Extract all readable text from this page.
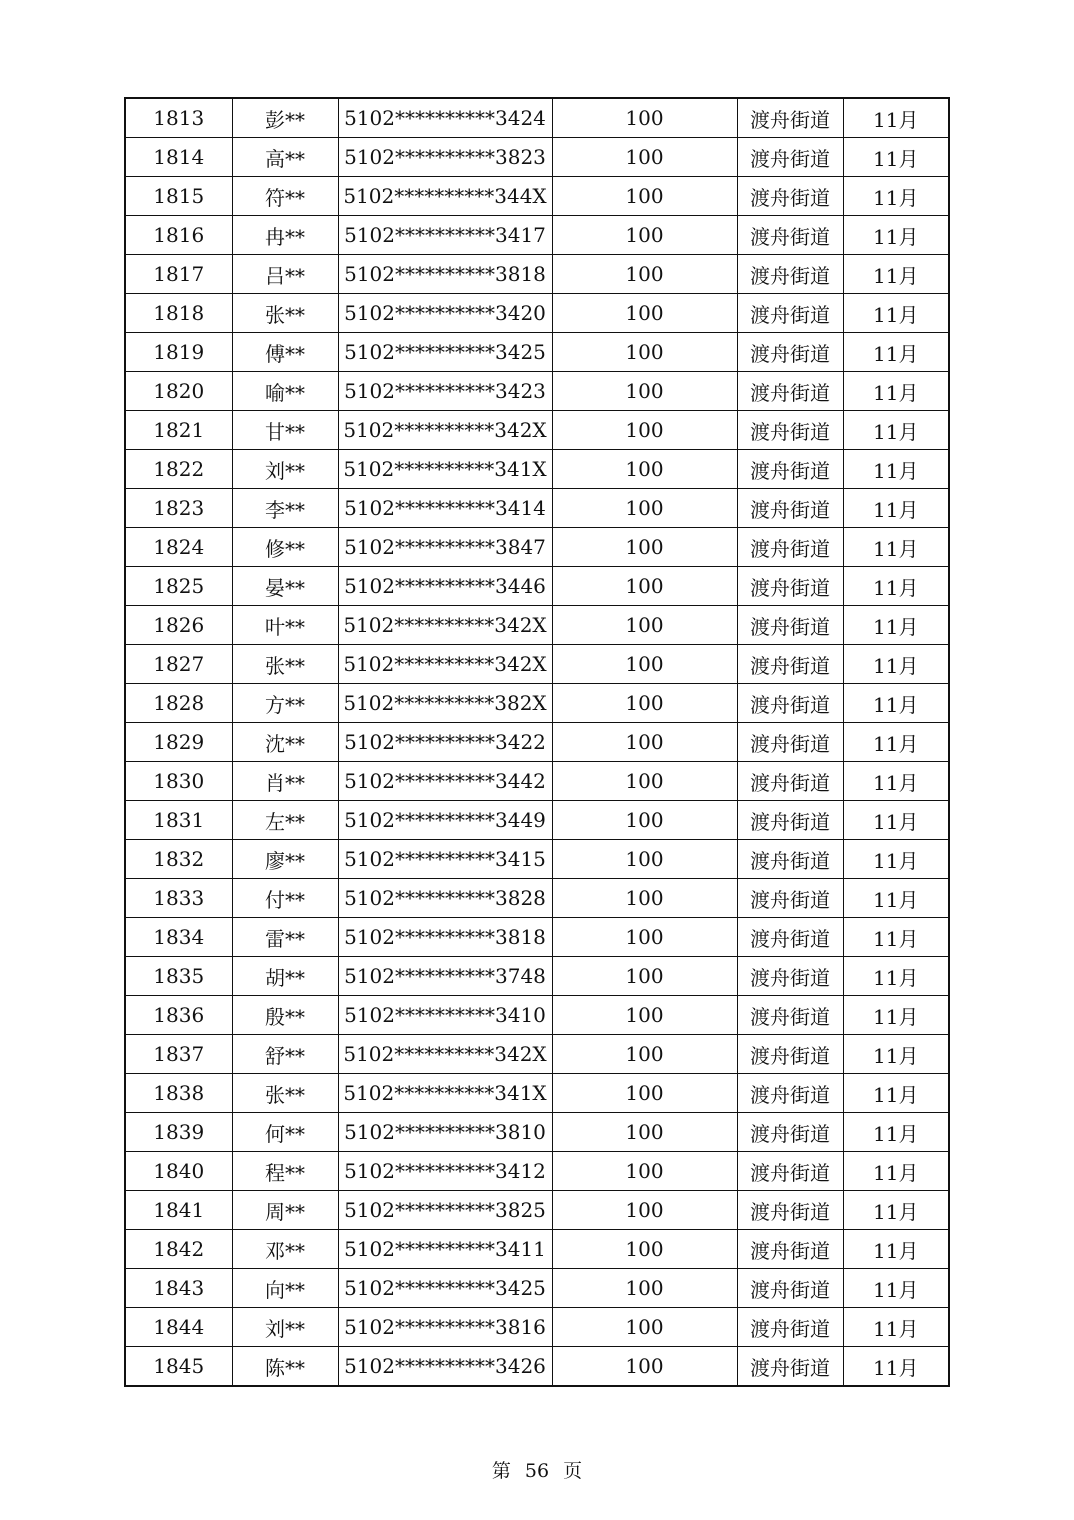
1813	彭**	5102**********3424	100	渡舟街道	11月
1814	高**	5102**********3823	100	渡舟街道	11月
1815	符**	5102**********344X	100	渡舟街道	11月
1816	冉**	5102**********3417	100	渡舟街道	11月
1817	吕**	5102**********3818	100	渡舟街道	11月
1818	张**	5102**********3420	100	渡舟街道	11月
1819	傅**	5102**********3425	100	渡舟街道	11月
1820	喻**	5102**********3423	100	渡舟街道	11月
1821	甘**	5102**********342X	100	渡舟街道	11月
1822	刘**	5102**********341X	100	渡舟街道	11月
1823	李**	5102**********3414	100	渡舟街道	11月
1824	修**	5102**********3847	100	渡舟街道	11月
1825	晏**	5102**********3446	100	渡舟街道	11月
1826	叶**	5102**********342X	100	渡舟街道	11月
1827	张**	5102**********342X	100	渡舟街道	11月
1828	方**	5102**********382X	100	渡舟街道	11月
1829	沈**	5102**********3422	100	渡舟街道	11月
1830	肖**	5102**********3442	100	渡舟街道	11月
1831	左**	5102**********3449	100	渡舟街道	11月
1832	廖**	5102**********3415	100	渡舟街道	11月
1833	付**	5102**********3828	100	渡舟街道	11月
1834	雷**	5102**********3818	100	渡舟街道	11月
1835	胡**	5102**********3748	100	渡舟街道	11月
1836	殷**	5102**********3410	100	渡舟街道	11月
1837	舒**	5102**********342X	100	渡舟街道	11月
1838	张**	5102**********341X	100	渡舟街道	11月
1839	何**	5102**********3810	100	渡舟街道	11月
1840	程**	5102**********3412	100	渡舟街道	11月
1841	周**	5102**********3825	100	渡舟街道	11月
1842	邓**	5102**********3411	100	渡舟街道	11月
1843	向**	5102**********3425	100	渡舟街道	11月
1844	刘**	5102**********3816	100	渡舟街道	11月
1845	陈**	5102**********3426	100	渡舟街道	11月
第 56 页
